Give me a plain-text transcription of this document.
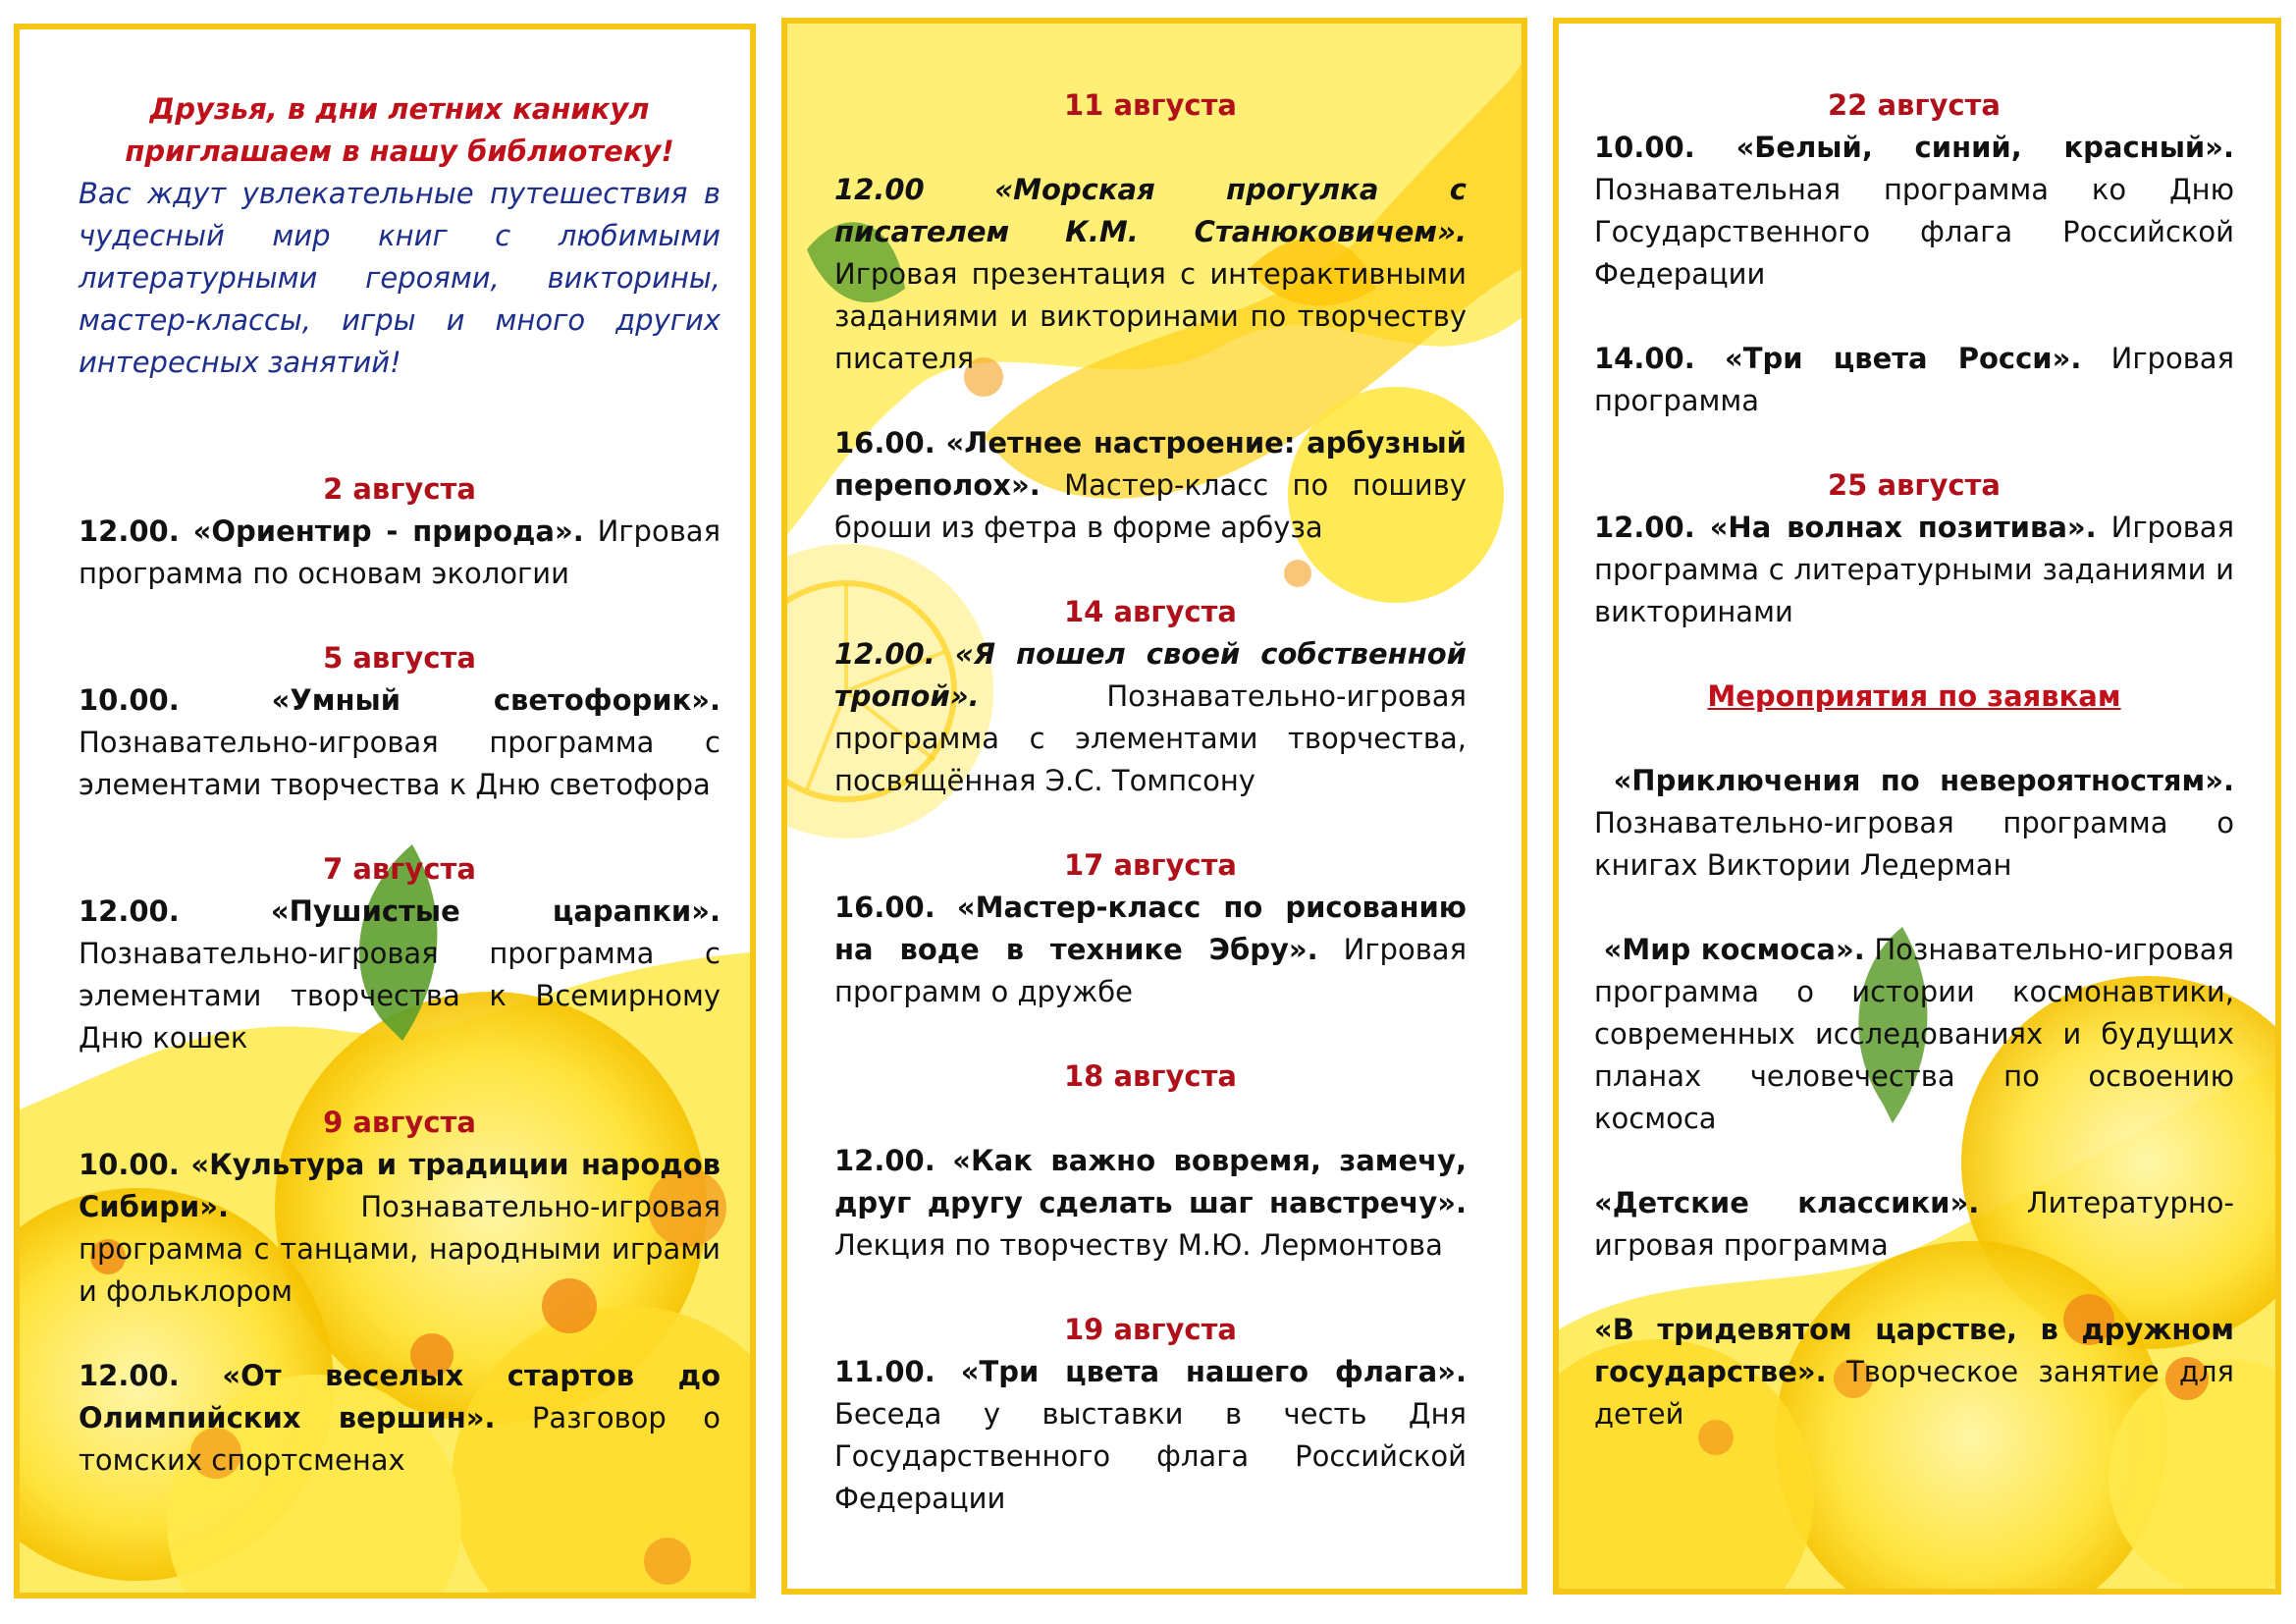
Друзья, в дни летних каникул

приглашаем в нашу библиотеку!

Вас ждут увлекательные путешествия в чудесный мир книг с любимыми литературными героями, викторины, мастер-классы, игры и много других интересных занятий!

2 августа

12.00. «Ориентир - природа». Игровая программа по основам экологии

5 августа

10.00.	«Умный светофорик». Познавательно-игровая программа с элементами творчества к Дню светофора

7 августа

12.00.	«Пушистые царапки». Познавательно-игровая программа с элементами творчества к Всемирному Дню кошек

9 августа

10.00. «Культура и традиции народов Сибири».	Познавательно-игровая программа с танцами, народными играми и фольклором

12.00. «От веселых стартов до Олимпийских вершин». Разговор о томских спортсменах

11 августа

12.00 «Морская прогулка с писателем К.М. Станюковичем». Игровая презентация с интерактивными заданиями и викторинами по творчеству писателя

16.00. «Летнее настроение: арбузный переполох». Мастер-класс по пошиву броши из фетра в форме арбуза

14 августа

12.00. «Я пошел своей собственной тропой».	Познавательно-игровая программа с элементами творчества, посвящённая Э.С. Томпсону

17 августа

16.00. «Мастер-класс по рисованию на воде в технике Эбру». Игровая программ о дружбе

18 августа

12.00. «Как важно вовремя, замечу, друг другу сделать шаг навстречу». Лекция по творчеству М.Ю. Лермонтова

19 августа

11.00. «Три цвета нашего флага». Беседа у выставки в честь Дня Государственного флага Российской Федерации

22 августа

10.00. «Белый, синий, красный». Познавательная программа ко Дню Государственного флага Российской Федерации

14.00. «Три цвета Росси». Игровая программа

25 августа

12.00. «На волнах позитива». Игровая программа с литературными заданиями и викторинами

Мероприятия по заявкам

«Приключения по невероятностям». Познавательно-игровая программа о книгах Виктории Ледерман

«Мир космоса». Познавательно-игровая программа о истории космонавтики, современных исследованиях и будущих планах человечества по освоению космоса

«Детские классики». Литературно-игровая программа

«В тридевятом царстве, в дружном государстве». Творческое занятие для детей
